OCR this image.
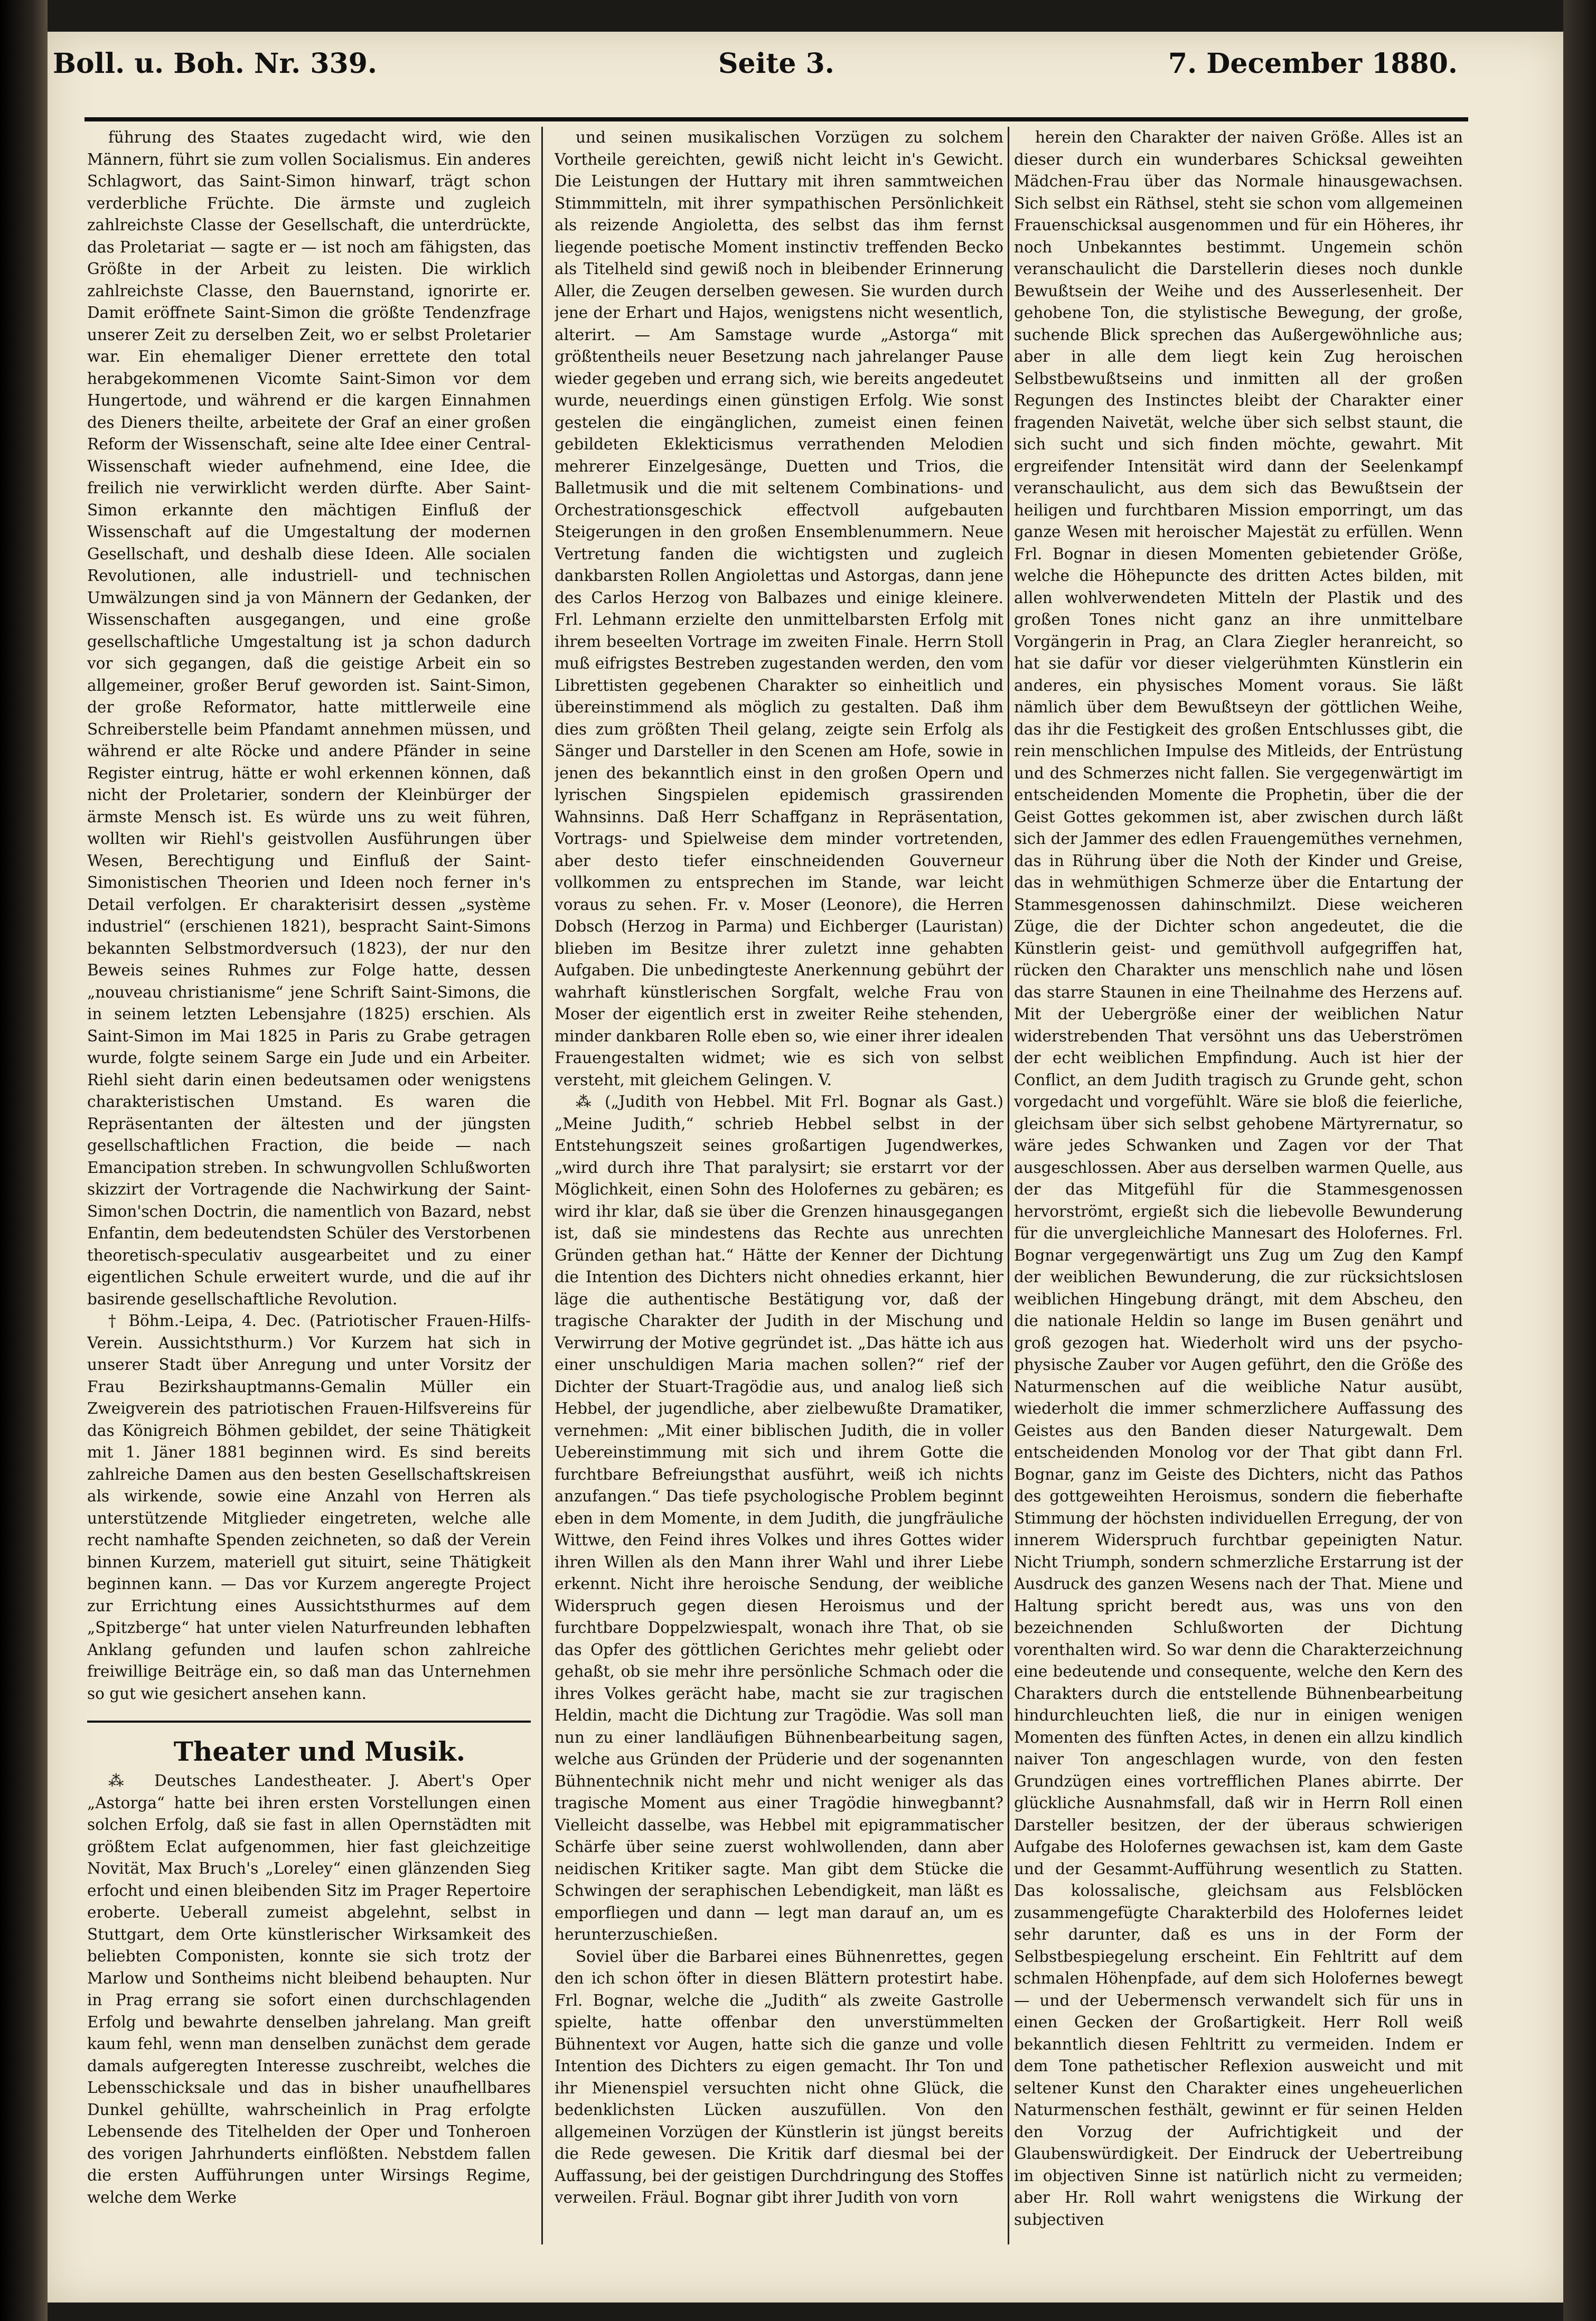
Boll. u. Boh. Nr. 339.	Seite 3.	7. December 1880.

führung des Staates zugedacht wird, wie den Männern, führt sie zum vollen Socialismus. Ein anderes Schlagwort, das Saint-Simon hinwarf, trägt schon verderbliche Früchte. Die ärmste und zugleich zahlreichste Classe der Gesellschaft, die unterdrückte, das Proletariat — sagte er — ist noch am fähigsten, das Größte in der Arbeit zu leisten. Die wirklich zahlreichste Classe, den Bauernstand, ignorirte er. Damit eröffnete Saint-Simon die größte Tendenzfrage unserer Zeit zu derselben Zeit, wo er selbst Proletarier war. Ein ehemaliger Diener errettete den total herabgekommenen Vicomte Saint-Simon vor dem Hungertode, und während er die kargen Einnahmen des Dieners theilte, arbeitete der Graf an einer großen Reform der Wissenschaft, seine alte Idee einer Central-Wissenschaft wieder aufnehmend, eine Idee, die freilich nie verwirklicht werden dürfte. Aber Saint-Simon erkannte den mächtigen Einfluß der Wissenschaft auf die Umgestaltung der modernen Gesellschaft, und deshalb diese Ideen. Alle socialen Revolutionen, alle industriell- und technischen Umwälzungen sind ja von Männern der Gedanken, der Wissenschaften ausgegangen, und eine große gesellschaftliche Umgestaltung ist ja schon dadurch vor sich gegangen, daß die geistige Arbeit ein so allgemeiner, großer Beruf geworden ist. Saint-Simon, der große Reformator, hatte mittlerweile eine Schreiberstelle beim Pfandamt annehmen müssen, und während er alte Röcke und andere Pfänder in seine Register eintrug, hätte er wohl erkennen können, daß nicht der Proletarier, sondern der Kleinbürger der ärmste Mensch ist. Es würde uns zu weit führen, wollten wir Riehl's geistvollen Ausführungen über Wesen, Berechtigung und Einfluß der Saint-Simonistischen Theorien und Ideen noch ferner in's Detail verfolgen. Er charakterisirt dessen „système industriel“ (erschienen 1821), bespracht Saint-Simons bekannten Selbstmordversuch (1823), der nur den Beweis seines Ruhmes zur Folge hatte, dessen „nouveau christianisme“ jene Schrift Saint-Simons, die in seinem letzten Lebensjahre (1825) erschien. Als Saint-Simon im Mai 1825 in Paris zu Grabe getragen wurde, folgte seinem Sarge ein Jude und ein Arbeiter. Riehl sieht darin einen bedeutsamen oder wenigstens charakteristischen Umstand. Es waren die Repräsentanten der ältesten und der jüngsten gesellschaftlichen Fraction, die beide — nach Emancipation streben. In schwungvollen Schlußworten skizzirt der Vortragende die Nachwirkung der Saint-Simon'schen Doctrin, die namentlich von Bazard, nebst Enfantin, dem bedeutendsten Schüler des Verstorbenen theoretisch-speculativ ausgearbeitet und zu einer eigentlichen Schule erweitert wurde, und die auf ihr basirende gesellschaftliche Revolution.

† Böhm.-Leipa, 4. Dec. (Patriotischer Frauen-Hilfs-Verein. Aussichtsthurm.) Vor Kurzem hat sich in unserer Stadt über Anregung und unter Vorsitz der Frau Bezirkshauptmanns-Gemalin Müller ein Zweigverein des patriotischen Frauen-Hilfsvereins für das Königreich Böhmen gebildet, der seine Thätigkeit mit 1. Jäner 1881 beginnen wird. Es sind bereits zahlreiche Damen aus den besten Gesellschaftskreisen als wirkende, sowie eine Anzahl von Herren als unterstützende Mitglieder eingetreten, welche alle recht namhafte Spenden zeichneten, so daß der Verein binnen Kurzem, materiell gut situirt, seine Thätigkeit beginnen kann. — Das vor Kurzem angeregte Project zur Errichtung eines Aussichtsthurmes auf dem „Spitzberge“ hat unter vielen Naturfreunden lebhaften Anklang gefunden und laufen schon zahlreiche freiwillige Beiträge ein, so daß man das Unternehmen so gut wie gesichert ansehen kann.

Theater und Musik.

⁂ Deutsches Landestheater. J. Abert's Oper „Astorga“ hatte bei ihren ersten Vorstellungen einen solchen Erfolg, daß sie fast in allen Opernstädten mit größtem Eclat aufgenommen, hier fast gleichzeitige Novität, Max Bruch's „Loreley“ einen glänzenden Sieg erfocht und einen bleibenden Sitz im Prager Repertoire eroberte. Ueberall zumeist abgelehnt, selbst in Stuttgart, dem Orte künstlerischer Wirksamkeit des beliebten Componisten, konnte sie sich trotz der Marlow und Sontheims nicht bleibend behaupten. Nur in Prag errang sie sofort einen durchschlagenden Erfolg und bewahrte denselben jahrelang. Man greift kaum fehl, wenn man denselben zunächst dem gerade damals aufgeregten Interesse zuschreibt, welches die Lebensschicksale und das in bisher unaufhellbares Dunkel gehüllte, wahrscheinlich in Prag erfolgte Lebensende des Titelhelden der Oper und Tonheroen des vorigen Jahrhunderts einflößten. Nebstdem fallen die ersten Aufführungen unter Wirsings Regime, welche dem Werke

und seinen musikalischen Vorzügen zu solchem Vortheile gereichten, gewiß nicht leicht in's Gewicht. Die Leistungen der Huttary mit ihren sammtweichen Stimmmitteln, mit ihrer sympathischen Persönlichkeit als reizende Angioletta, des selbst das ihm fernst liegende poetische Moment instinctiv treffenden Becko als Titelheld sind gewiß noch in bleibender Erinnerung Aller, die Zeugen derselben gewesen. Sie wurden durch jene der Erhart und Hajos, wenigstens nicht wesentlich, alterirt. — Am Samstage wurde „Astorga“ mit größtentheils neuer Besetzung nach jahrelanger Pause wieder gegeben und errang sich, wie bereits angedeutet wurde, neuerdings einen günstigen Erfolg. Wie sonst gestelen die eingänglichen, zumeist einen feinen gebildeten Eklekticismus verrathenden Melodien mehrerer Einzelgesänge, Duetten und Trios, die Balletmusik und die mit seltenem Combinations- und Orchestrationsgeschick effectvoll aufgebauten Steigerungen in den großen Ensemblenummern. Neue Vertretung fanden die wichtigsten und zugleich dankbarsten Rollen Angiolettas und Astorgas, dann jene des Carlos Herzog von Balbazes und einige kleinere. Frl. Lehmann erzielte den unmittelbarsten Erfolg mit ihrem beseelten Vortrage im zweiten Finale. Herrn Stoll muß eifrigstes Bestreben zugestanden werden, den vom Librettisten gegebenen Charakter so einheitlich und übereinstimmend als möglich zu gestalten. Daß ihm dies zum größten Theil gelang, zeigte sein Erfolg als Sänger und Darsteller in den Scenen am Hofe, sowie in jenen des bekanntlich einst in den großen Opern und lyrischen Singspielen epidemisch grassirenden Wahnsinns. Daß Herr Schaffganz in Repräsentation, Vortrags- und Spielweise dem minder vortretenden, aber desto tiefer einschneidenden Gouverneur vollkommen zu entsprechen im Stande, war leicht voraus zu sehen. Fr. v. Moser (Leonore), die Herren Dobsch (Herzog in Parma) und Eichberger (Lauristan) blieben im Besitze ihrer zuletzt inne gehabten Aufgaben. Die unbedingteste Anerkennung gebührt der wahrhaft künstlerischen Sorgfalt, welche Frau von Moser der eigentlich erst in zweiter Reihe stehenden, minder dankbaren Rolle eben so, wie einer ihrer idealen Frauengestalten widmet; wie es sich von selbst versteht, mit gleichem Gelingen. V.

⁂ („Judith von Hebbel. Mit Frl. Bognar als Gast.) „Meine Judith,“ schrieb Hebbel selbst in der Entstehungszeit seines großartigen Jugendwerkes, „wird durch ihre That paralysirt; sie erstarrt vor der Möglichkeit, einen Sohn des Holofernes zu gebären; es wird ihr klar, daß sie über die Grenzen hinausgegangen ist, daß sie mindestens das Rechte aus unrechten Gründen gethan hat.“ Hätte der Kenner der Dichtung die Intention des Dichters nicht ohnedies erkannt, hier läge die authentische Bestätigung vor, daß der tragische Charakter der Judith in der Mischung und Verwirrung der Motive gegründet ist. „Das hätte ich aus einer unschuldigen Maria machen sollen?“ rief der Dichter der Stuart-Tragödie aus, und analog ließ sich Hebbel, der jugendliche, aber zielbewußte Dramatiker, vernehmen: „Mit einer biblischen Judith, die in voller Uebereinstimmung mit sich und ihrem Gotte die furchtbare Befreiungsthat ausführt, weiß ich nichts anzufangen.“ Das tiefe psychologische Problem beginnt eben in dem Momente, in dem Judith, die jungfräuliche Wittwe, den Feind ihres Volkes und ihres Gottes wider ihren Willen als den Mann ihrer Wahl und ihrer Liebe erkennt. Nicht ihre heroische Sendung, der weibliche Widerspruch gegen diesen Heroismus und der furchtbare Doppelzwiespalt, wonach ihre That, ob sie das Opfer des göttlichen Gerichtes mehr geliebt oder gehaßt, ob sie mehr ihre persönliche Schmach oder die ihres Volkes gerächt habe, macht sie zur tragischen Heldin, macht die Dichtung zur Tragödie. Was soll man nun zu einer landläufigen Bühnenbearbeitung sagen, welche aus Gründen der Prüderie und der sogenannten Bühnentechnik nicht mehr und nicht weniger als das tragische Moment aus einer Tragödie hinwegbannt? Vielleicht dasselbe, was Hebbel mit epigrammatischer Schärfe über seine zuerst wohlwollenden, dann aber neidischen Kritiker sagte. Man gibt dem Stücke die Schwingen der seraphischen Lebendigkeit, man läßt es emporfliegen und dann — legt man darauf an, um es herunterzuschießen.

Soviel über die Barbarei eines Bühnenrettes, gegen den ich schon öfter in diesen Blättern protestirt habe. Frl. Bognar, welche die „Judith“ als zweite Gastrolle spielte, hatte offenbar den unverstümmelten Bühnentext vor Augen, hatte sich die ganze und volle Intention des Dichters zu eigen gemacht. Ihr Ton und ihr Mienenspiel versuchten nicht ohne Glück, die bedenklichsten Lücken auszufüllen. Von den allgemeinen Vorzügen der Künstlerin ist jüngst bereits die Rede gewesen. Die Kritik darf diesmal bei der Auffassung, bei der geistigen Durchdringung des Stoffes verweilen. Fräul. Bognar gibt ihrer Judith von vorn

herein den Charakter der naiven Größe. Alles ist an dieser durch ein wunderbares Schicksal geweihten Mädchen-Frau über das Normale hinausgewachsen. Sich selbst ein Räthsel, steht sie schon vom allgemeinen Frauenschicksal ausgenommen und für ein Höheres, ihr noch Unbekanntes bestimmt. Ungemein schön veranschaulicht die Darstellerin dieses noch dunkle Bewußtsein der Weihe und des Ausserlesenheit. Der gehobene Ton, die stylistische Bewegung, der große, suchende Blick sprechen das Außergewöhnliche aus; aber in alle dem liegt kein Zug heroischen Selbstbewußtseins und inmitten all der großen Regungen des Instinctes bleibt der Charakter einer fragenden Naivetät, welche über sich selbst staunt, die sich sucht und sich finden möchte, gewahrt. Mit ergreifender Intensität wird dann der Seelenkampf veranschaulicht, aus dem sich das Bewußtsein der heiligen und furchtbaren Mission emporringt, um das ganze Wesen mit heroischer Majestät zu erfüllen. Wenn Frl. Bognar in diesen Momenten gebietender Größe, welche die Höhepuncte des dritten Actes bilden, mit allen wohlverwendeten Mitteln der Plastik und des großen Tones nicht ganz an ihre unmittelbare Vorgängerin in Prag, an Clara Ziegler heranreicht, so hat sie dafür vor dieser vielgerühmten Künstlerin ein anderes, ein physisches Moment voraus. Sie läßt nämlich über dem Bewußtseyn der göttlichen Weihe, das ihr die Festigkeit des großen Entschlusses gibt, die rein menschlichen Impulse des Mitleids, der Entrüstung und des Schmerzes nicht fallen. Sie vergegenwärtigt im entscheidenden Momente die Prophetin, über die der Geist Gottes gekommen ist, aber zwischen durch läßt sich der Jammer des edlen Frauengemüthes vernehmen, das in Rührung über die Noth der Kinder und Greise, das in wehmüthigen Schmerze über die Entartung der Stammesgenossen dahinschmilzt. Diese weicheren Züge, die der Dichter schon angedeutet, die die Künstlerin geist- und gemüthvoll aufgegriffen hat, rücken den Charakter uns menschlich nahe und lösen das starre Staunen in eine Theilnahme des Herzens auf. Mit der Uebergröße einer der weiblichen Natur widerstrebenden That versöhnt uns das Ueberströmen der echt weiblichen Empfindung. Auch ist hier der Conflict, an dem Judith tragisch zu Grunde geht, schon vorgedacht und vorgefühlt. Wäre sie bloß die feierliche, gleichsam über sich selbst gehobene Märtyrernatur, so wäre jedes Schwanken und Zagen vor der That ausgeschlossen. Aber aus derselben warmen Quelle, aus der das Mitgefühl für die Stammesgenossen hervorströmt, ergießt sich die liebevolle Bewunderung für die unvergleichliche Mannesart des Holofernes. Frl. Bognar vergegenwärtigt uns Zug um Zug den Kampf der weiblichen Bewunderung, die zur rücksichtslosen weiblichen Hingebung drängt, mit dem Abscheu, den die nationale Heldin so lange im Busen genährt und groß gezogen hat. Wiederholt wird uns der psycho-physische Zauber vor Augen geführt, den die Größe des Naturmenschen auf die weibliche Natur ausübt, wiederholt die immer schmerzlichere Auffassung des Geistes aus den Banden dieser Naturgewalt. Dem entscheidenden Monolog vor der That gibt dann Frl. Bognar, ganz im Geiste des Dichters, nicht das Pathos des gottgeweihten Heroismus, sondern die fieberhafte Stimmung der höchsten individuellen Erregung, der von innerem Widerspruch furchtbar gepeinigten Natur. Nicht Triumph, sondern schmerzliche Erstarrung ist der Ausdruck des ganzen Wesens nach der That. Miene und Haltung spricht beredt aus, was uns von den bezeichnenden Schlußworten der Dichtung vorenthalten wird. So war denn die Charakterzeichnung eine bedeutende und consequente, welche den Kern des Charakters durch die entstellende Bühnenbearbeitung hindurchleuchten ließ, die nur in einigen wenigen Momenten des fünften Actes, in denen ein allzu kindlich naiver Ton angeschlagen wurde, von den festen Grundzügen eines vortrefflichen Planes abirrte. Der glückliche Ausnahmsfall, daß wir in Herrn Roll einen Darsteller besitzen, der der überaus schwierigen Aufgabe des Holofernes gewachsen ist, kam dem Gaste und der Gesammt-Aufführung wesentlich zu Statten. Das kolossalische, gleichsam aus Felsblöcken zusammengefügte Charakterbild des Holofernes leidet sehr darunter, daß es uns in der Form der Selbstbespiegelung erscheint. Ein Fehltritt auf dem schmalen Höhenpfade, auf dem sich Holofernes bewegt — und der Uebermensch verwandelt sich für uns in einen Gecken der Großartigkeit. Herr Roll weiß bekanntlich diesen Fehltritt zu vermeiden. Indem er dem Tone pathetischer Reflexion ausweicht und mit seltener Kunst den Charakter eines ungeheuerlichen Naturmenschen festhält, gewinnt er für seinen Helden den Vorzug der Aufrichtigkeit und der Glaubenswürdigkeit. Der Eindruck der Uebertreibung im objectiven Sinne ist natürlich nicht zu vermeiden; aber Hr. Roll wahrt wenigstens die Wirkung der subjectiven
